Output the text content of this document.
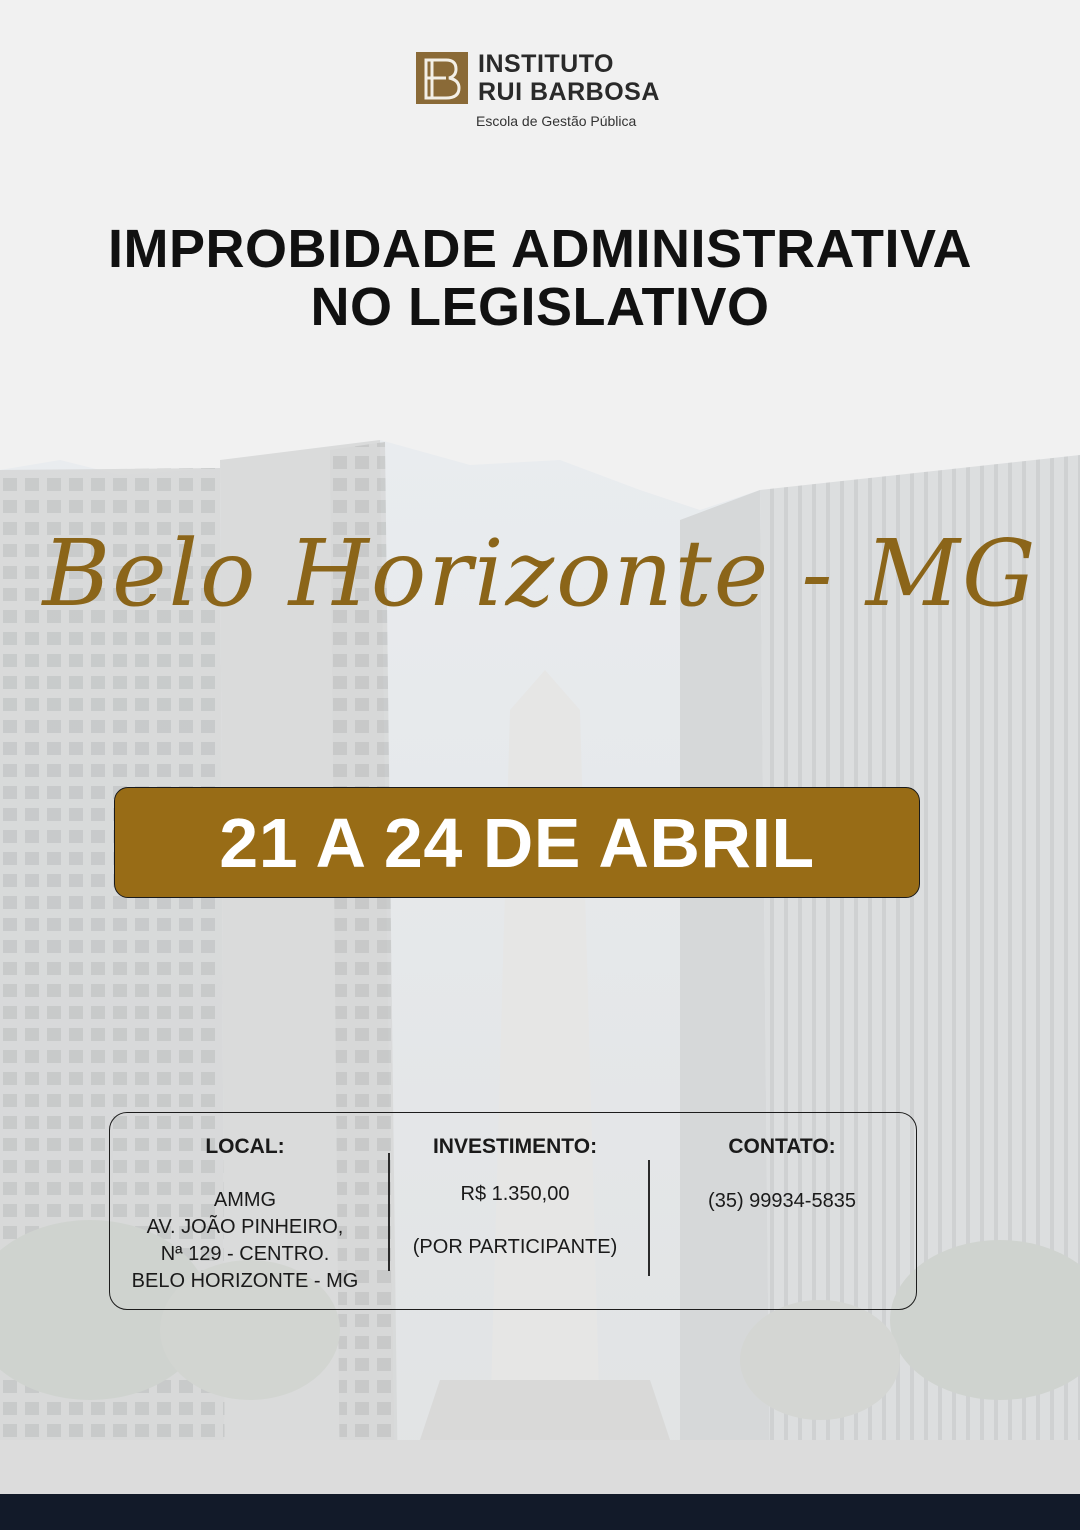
INSTITUTO
RUI BARBOSA
Escola de Gestão Pública
IMPROBIDADE ADMINISTRATIVA
NO LEGISLATIVO
Belo Horizonte - MG
21 A 24 DE ABRIL
LOCAL:
AMMG
AV. JOÃO PINHEIRO,
Nª 129 - CENTRO.
BELO HORIZONTE - MG
INVESTIMENTO:
R$ 1.350,00
(POR PARTICIPANTE)
CONTATO:
(35) 99934-5835
